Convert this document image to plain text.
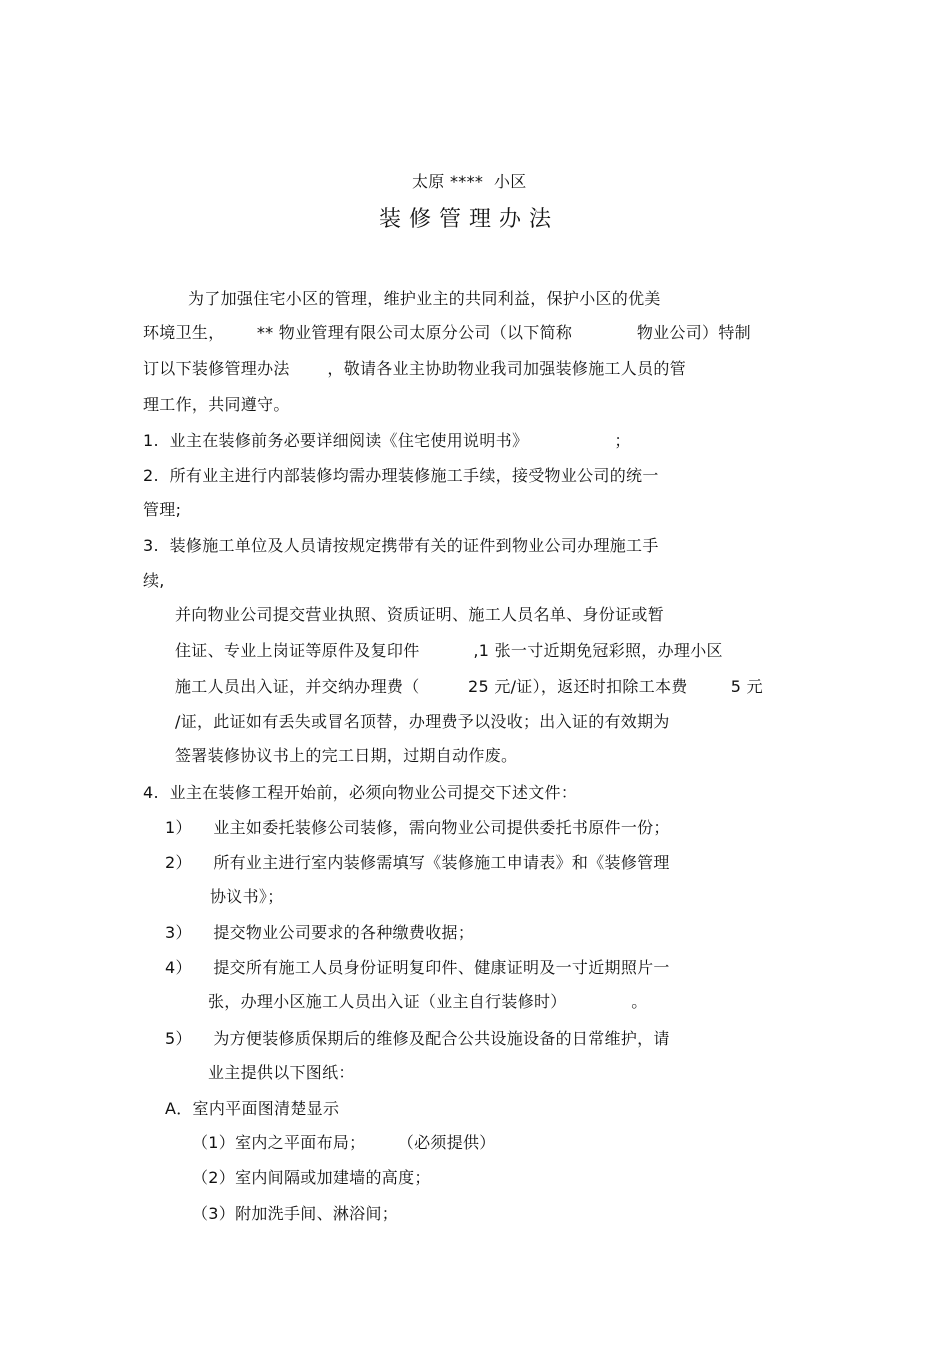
太原 ****  小区
装修管理办法
为了加强住宅小区的管理，维护业主的共同利益，保护小区的优美
环境卫生，      ** 物业管理有限公司太原分公司（以下简称            物业公司）特制
订以下装修管理办法       ，敬请各业主协助物业我司加强装修施工人员的管
理工作，共同遵守。
1.  业主在装修前务必要详细阅读《住宅使用说明书》                ；
2.  所有业主进行内部装修均需办理装修施工手续，接受物业公司的统一
管理;
3.  装修施工单位及人员请按规定携带有关的证件到物业公司办理施工手
续,
并向物业公司提交营业执照、资质证明、施工人员名单、身份证或暂
住证、专业上岗证等原件及复印件          ,1 张一寸近期免冠彩照，办理小区
施工人员出入证，并交纳办理费（         25 元/证），返还时扣除工本费        5 元
/证，此证如有丢失或冒名顶替，办理费予以没收；出入证的有效期为
签署装修协议书上的完工日期，过期自动作废。
4.  业主在装修工程开始前，必须向物业公司提交下述文件：
1）    业主如委托装修公司装修，需向物业公司提供委托书原件一份；
2）    所有业主进行室内装修需填写《装修施工申请表》和《装修管理
协议书》；
3）    提交物业公司要求的各种缴费收据；
4）    提交所有施工人员身份证明复印件、健康证明及一寸近期照片一
张，办理小区施工人员出入证（业主自行装修时）            。
5）    为方便装修质保期后的维修及配合公共设施设备的日常维护，请
业主提供以下图纸：
A．室内平面图清楚显示
（1）室内之平面布局；      （必须提供）
（2）室内间隔或加建墙的高度；
（3）附加洗手间、淋浴间；
